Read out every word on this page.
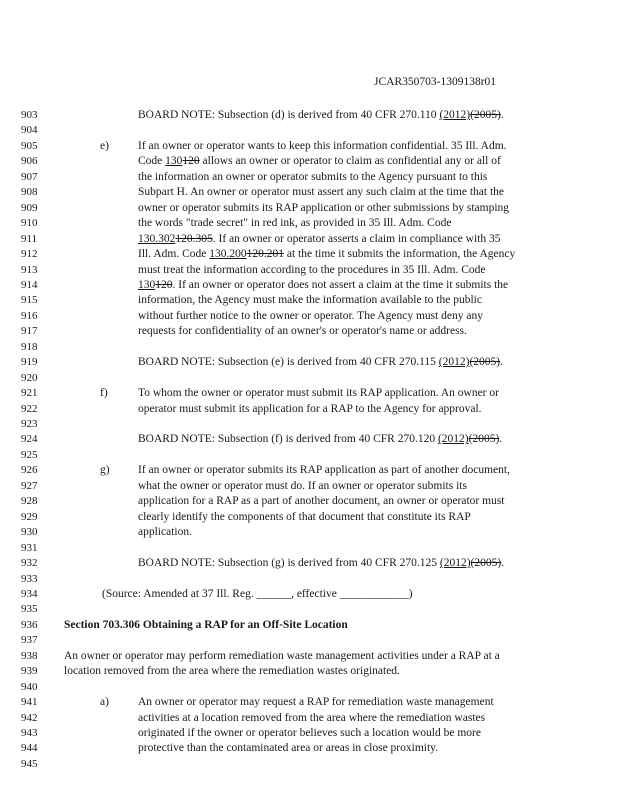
JCAR350703-1309138r01
903	BOARD NOTE: Subsection (d) is derived from 40 CFR 270.110 (2012)(2005).
904
905	e)	If an owner or operator wants to keep this information confidential. 35 Ill. Adm.
906	Code 130120 allows an owner or operator to claim as confidential any or all of
907	the information an owner or operator submits to the Agency pursuant to this
908	Subpart H. An owner or operator must assert any such claim at the time that the
909	owner or operator submits its RAP application or other submissions by stamping
910	the words "trade secret" in red ink, as provided in 35 Ill. Adm. Code
911	130.302120.305. If an owner or operator asserts a claim in compliance with 35
912	Ill. Adm. Code 130.200120.201 at the time it submits the information, the Agency
913	must treat the information according to the procedures in 35 Ill. Adm. Code
914	130120. If an owner or operator does not assert a claim at the time it submits the
915	information, the Agency must make the information available to the public
916	without further notice to the owner or operator. The Agency must deny any
917	requests for confidentiality of an owner's or operator's name or address.
918
919	BOARD NOTE: Subsection (e) is derived from 40 CFR 270.115 (2012)(2005).
920
921	f)	To whom the owner or operator must submit its RAP application. An owner or
922	operator must submit its application for a RAP to the Agency for approval.
923
924	BOARD NOTE: Subsection (f) is derived from 40 CFR 270.120 (2012)(2005).
925
926	g) If an owner or operator submits its RAP application as part of another document,
927	what the owner or operator must do. If an owner or operator submits its
928	application for a RAP as a part of another document, an owner or operator must
929	clearly identify the components of that document that constitute its RAP
930	application.
931
932	BOARD NOTE: Subsection (g) is derived from 40 CFR 270.125 (2012)(2005).
933
934	(Source: Amended at 37 Ill. Reg. ______, effective ____________)
935
936	Section 703.306 Obtaining a RAP for an Off-Site Location
937
938	An owner or operator may perform remediation waste management activities under a RAP at a
939	location removed from the area where the remediation wastes originated.
940
941	a)	An owner or operator may request a RAP for remediation waste management
942	activities at a location removed from the area where the remediation wastes
943	originated if the owner or operator believes such a location would be more
944	protective than the contaminated area or areas in close proximity.
945
